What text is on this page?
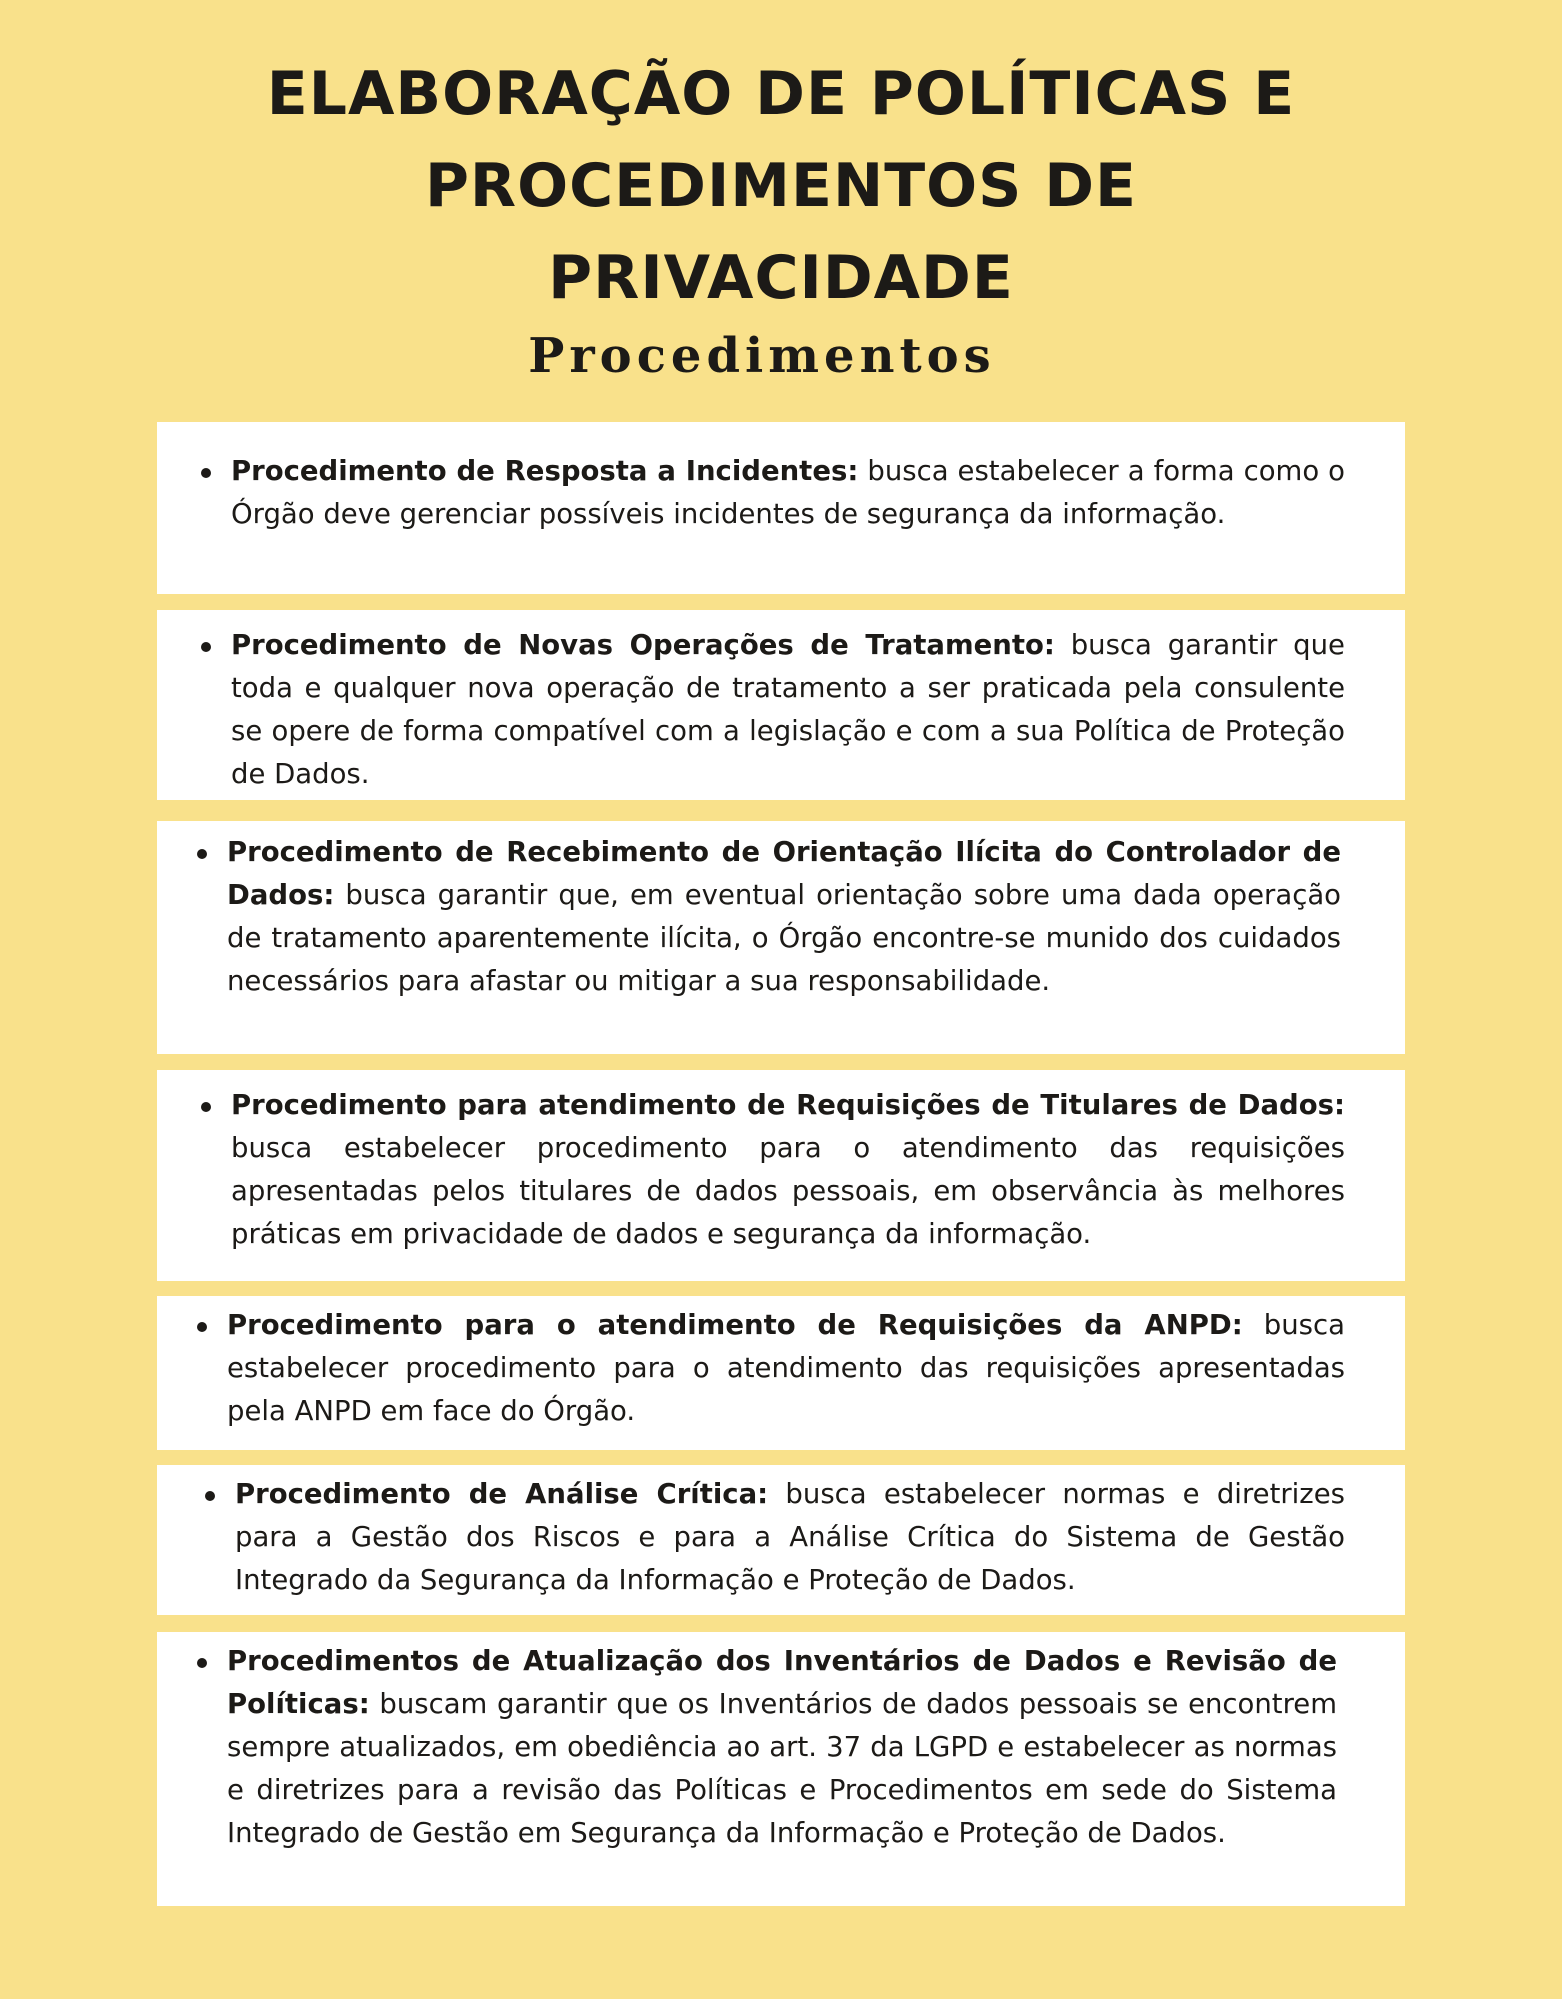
ELABORAÇÃO DE POLÍTICAS E
PROCEDIMENTOS DE
PRIVACIDADE
Procedimentos
Procedimento de Resposta a Incidentes: busca estabelecer a forma como o Órgão deve gerenciar possíveis incidentes de segurança da informação.
Procedimento de Novas Operações de Tratamento: busca garantir que toda e qualquer nova operação de tratamento a ser praticada pela consulente se opere de forma compatível com a legislação e com a sua Política de Proteção de Dados.
Procedimento de Recebimento de Orientação Ilícita do Controlador de Dados: busca garantir que, em eventual orientação sobre uma dada operação de tratamento aparentemente ilícita, o Órgão encontre-se munido dos cuidados necessários para afastar ou mitigar a sua responsabilidade.
Procedimento para atendimento de Requisições de Titulares de Dados: busca estabelecer procedimento para o atendimento das requisições apresentadas pelos titulares de dados pessoais, em observância às melhores práticas em privacidade de dados e segurança da informação.
Procedimento para o atendimento de Requisições da ANPD: busca estabelecer procedimento para o atendimento das requisições apresentadas pela ANPD em face do Órgão.
Procedimento de Análise Crítica: busca estabelecer normas e diretrizes para a Gestão dos Riscos e para a Análise Crítica do Sistema de Gestão Integrado da Segurança da Informação e Proteção de Dados.
Procedimentos de Atualização dos Inventários de Dados e Revisão de Políticas: buscam garantir que os Inventários de dados pessoais se encontrem sempre atualizados, em obediência ao art. 37 da LGPD e estabelecer as normas e diretrizes para a revisão das Políticas e Procedimentos em sede do Sistema Integrado de Gestão em Segurança da Informação e Proteção de Dados.
